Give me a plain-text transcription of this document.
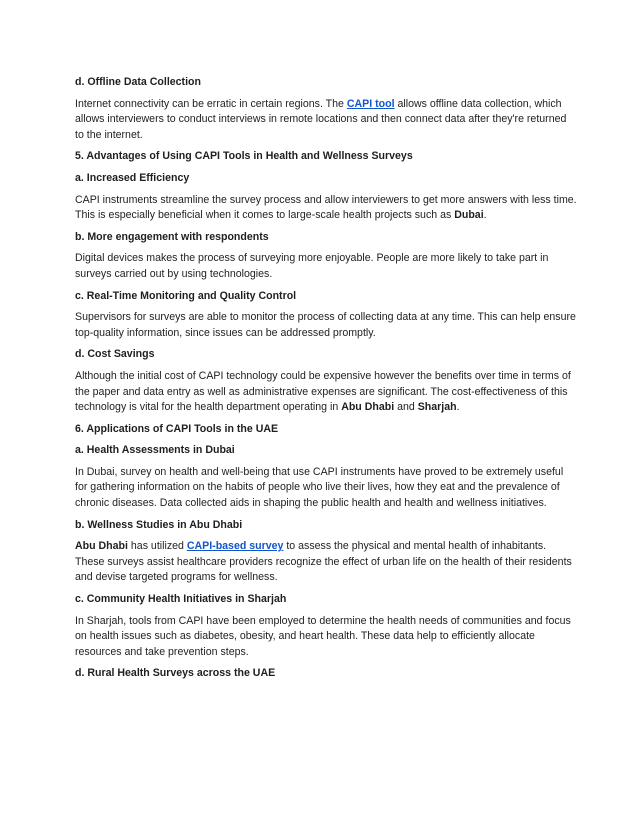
d. Offline Data Collection

Internet connectivity can be erratic in certain regions. The CAPI tool allows offline data collection, which allows interviewers to conduct interviews in remote locations and then connect data after they're returned to the internet.

5. Advantages of Using CAPI Tools in Health and Wellness Surveys
a. Increased Efficiency

CAPI instruments streamline the survey process and allow interviewers to get more answers with less time. This is especially beneficial when it comes to large-scale health projects such as Dubai.

b. More engagement with respondents

Digital devices makes the process of surveying more enjoyable. People are more likely to take part in surveys carried out by using technologies.

c. Real-Time Monitoring and Quality Control

Supervisors for surveys are able to monitor the process of collecting data at any time. This can help ensure top-quality information, since issues can be addressed promptly.

d. Cost Savings

Although the initial cost of CAPI technology could be expensive however the benefits over time in terms of the paper and data entry as well as administrative expenses are significant. The cost-effectiveness of this technology is vital for the health department operating in Abu Dhabi and Sharjah.

6. Applications of CAPI Tools in the UAE
a. Health Assessments in Dubai

In Dubai, survey on health and well-being that use CAPI instruments have proved to be extremely useful for gathering information on the habits of people who live their lives, how they eat and the prevalence of chronic diseases. Data collected aids in shaping the public health and health and wellness initiatives.

b. Wellness Studies in Abu Dhabi

Abu Dhabi has utilized CAPI-based survey to assess the physical and mental health of inhabitants. These surveys assist healthcare providers recognize the effect of urban life on the health of their residents and devise targeted programs for wellness.

c. Community Health Initiatives in Sharjah

In Sharjah, tools from CAPI have been employed to determine the health needs of communities and focus on health issues such as diabetes, obesity, and heart health. These data help to efficiently allocate resources and take prevention steps.

d. Rural Health Surveys across the UAE
